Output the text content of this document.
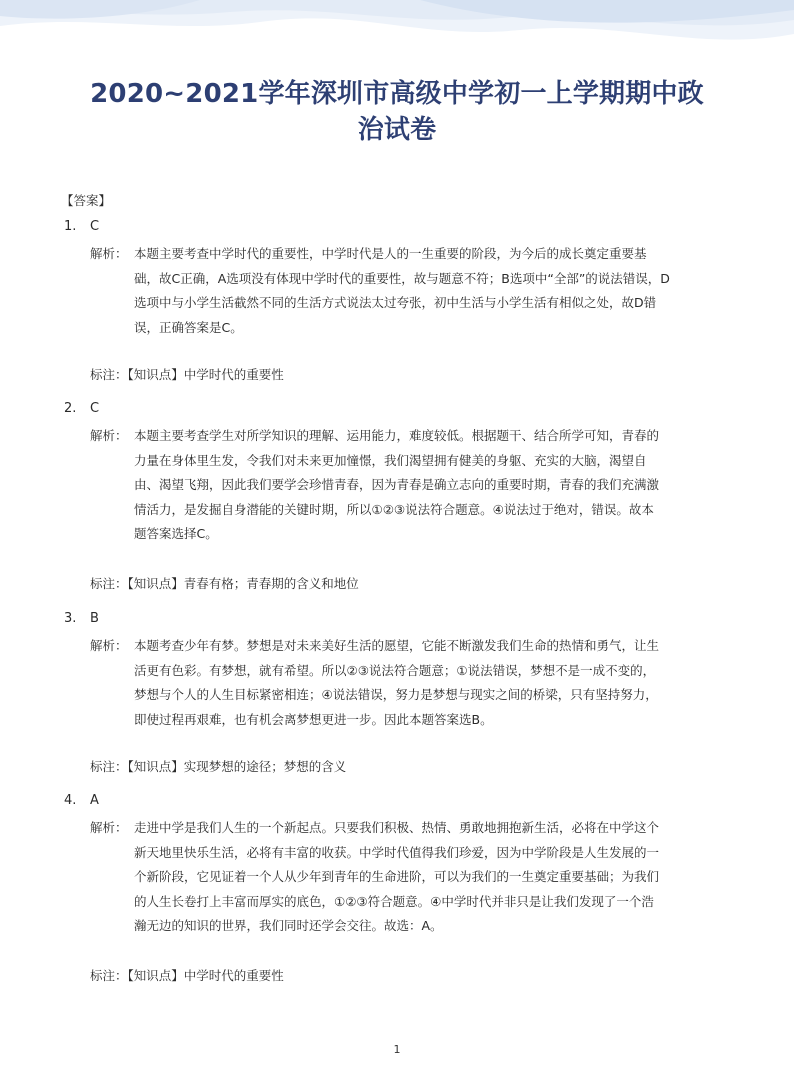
2020~2021学年深圳市高级中学初一上学期期中政
治试卷
【答案】
1. C
解析： 本题主要考查中学时代的重要性，中学时代是人的一生重要的阶段，为今后的成长奠定重要基
础，故C正确，A选项没有体现中学时代的重要性，故与题意不符；B选项中“全部”的说法错误，D
选项中与小学生活截然不同的生活方式说法太过夸张，初中生活与小学生活有相似之处，故D错
误，正确答案是C。
标注：【知识点】中学时代的重要性
2. C
解析： 本题主要考查学生对所学知识的理解、运用能力，难度较低。根据题干、结合所学可知，青春的
力量在身体里生发，令我们对未来更加憧憬，我们渴望拥有健美的身躯、充实的大脑，渴望自
由、渴望飞翔，因此我们要学会珍惜青春，因为青春是确立志向的重要时期，青春的我们充满激
情活力，是发掘自身潜能的关键时期，所以①②③说法符合题意。④说法过于绝对，错误。故本
题答案选择C。
标注：【知识点】青春有格；青春期的含义和地位
3. B
解析： 本题考查少年有梦。梦想是对未来美好生活的愿望，它能不断激发我们生命的热情和勇气，让生
活更有色彩。有梦想，就有希望。所以②③说法符合题意；①说法错误，梦想不是一成不变的，
梦想与个人的人生目标紧密相连；④说法错误，努力是梦想与现实之间的桥梁，只有坚持努力，
即使过程再艰难，也有机会离梦想更进一步。因此本题答案选B。
标注：【知识点】实现梦想的途径；梦想的含义
4. A
解析： 走进中学是我们人生的一个新起点。只要我们积极、热情、勇敢地拥抱新生活，必将在中学这个
新天地里快乐生活，必将有丰富的收获。中学时代值得我们珍爱，因为中学阶段是人生发展的一
个新阶段，它见证着一个人从少年到青年的生命进阶，可以为我们的一生奠定重要基础；为我们
的人生长卷打上丰富而厚实的底色，①②③符合题意。④中学时代并非只是让我们发现了一个浩
瀚无边的知识的世界，我们同时还学会交往。故选：A。
标注：【知识点】中学时代的重要性
1
